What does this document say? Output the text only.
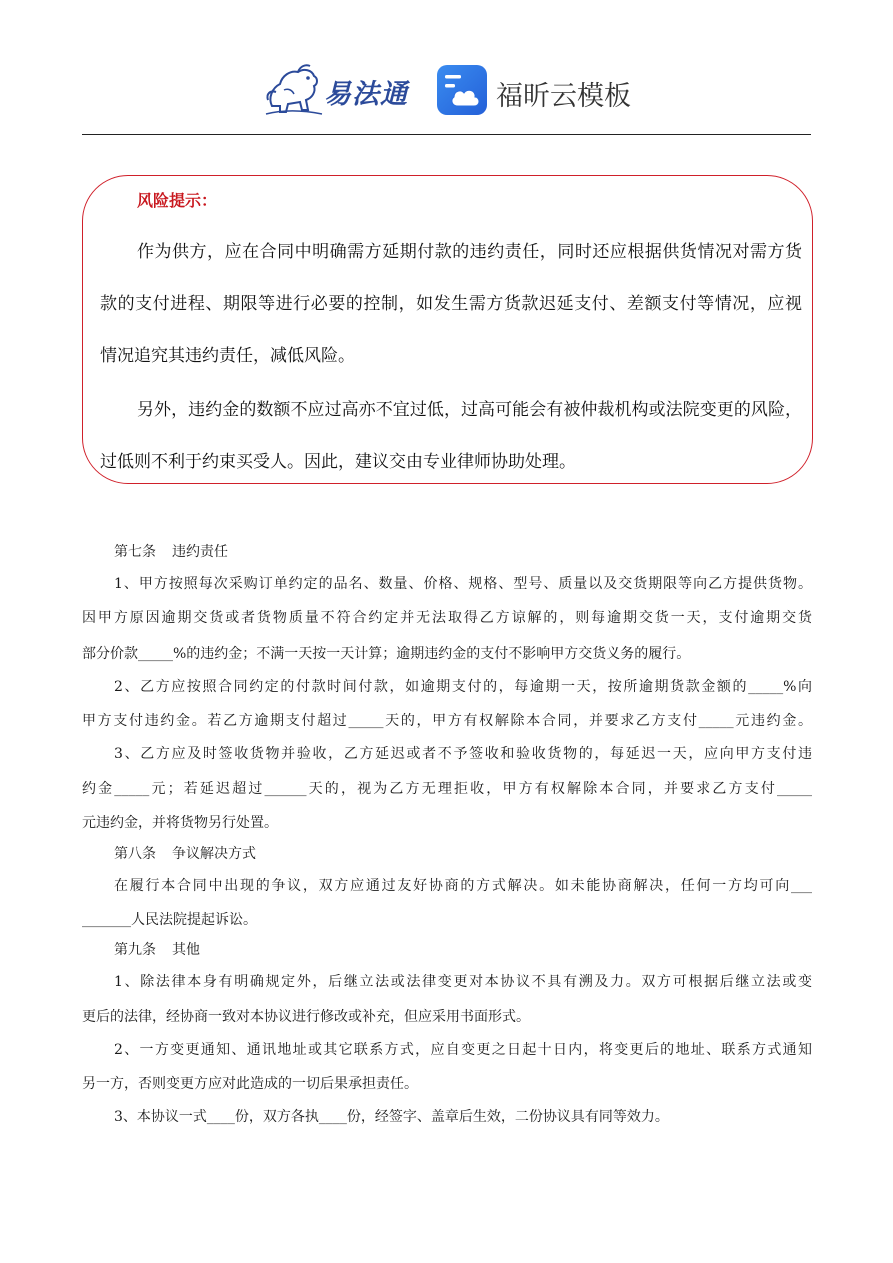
易法通	福昕云模板
风险提示：
作为供方，应在合同中明确需方延期付款的违约责任，同时还应根据供货情况对需方货
款的支付进程、期限等进行必要的控制，如发生需方货款迟延支付、差额支付等情况，应视
情况追究其违约责任，减低风险。
另外，违约金的数额不应过高亦不宜过低，过高可能会有被仲裁机构或法院变更的风险，
过低则不利于约束买受人。因此，建议交由专业律师协助处理。
第七条 违约责任
1、甲方按照每次采购订单约定的品名、数量、价格、规格、型号、质量以及交货期限等向乙方提供货物。
因甲方原因逾期交货或者货物质量不符合约定并无法取得乙方谅解的，则每逾期交货一天，支付逾期交货
部分价款_____%的违约金；不满一天按一天计算；逾期违约金的支付不影响甲方交货义务的履行。
2、乙方应按照合同约定的付款时间付款，如逾期支付的，每逾期一天，按所逾期货款金额的_____%向
甲方支付违约金。若乙方逾期支付超过_____天的，甲方有权解除本合同，并要求乙方支付_____元违约金。
3、乙方应及时签收货物并验收，乙方延迟或者不予签收和验收货物的，每延迟一天，应向甲方支付违
约金_____元；若延迟超过______天的，视为乙方无理拒收，甲方有权解除本合同，并要求乙方支付_____
元违约金，并将货物另行处置。
第八条 争议解决方式
在履行本合同中出现的争议，双方应通过友好协商的方式解决。如未能协商解决，任何一方均可向___
_______人民法院提起诉讼。
第九条 其他
1、除法律本身有明确规定外，后继立法或法律变更对本协议不具有溯及力。双方可根据后继立法或变
更后的法律，经协商一致对本协议进行修改或补充，但应采用书面形式。
2、一方变更通知、通讯地址或其它联系方式，应自变更之日起十日内，将变更后的地址、联系方式通知
另一方，否则变更方应对此造成的一切后果承担责任。
3、本协议一式____份，双方各执____份，经签字、盖章后生效，二份协议具有同等效力。
